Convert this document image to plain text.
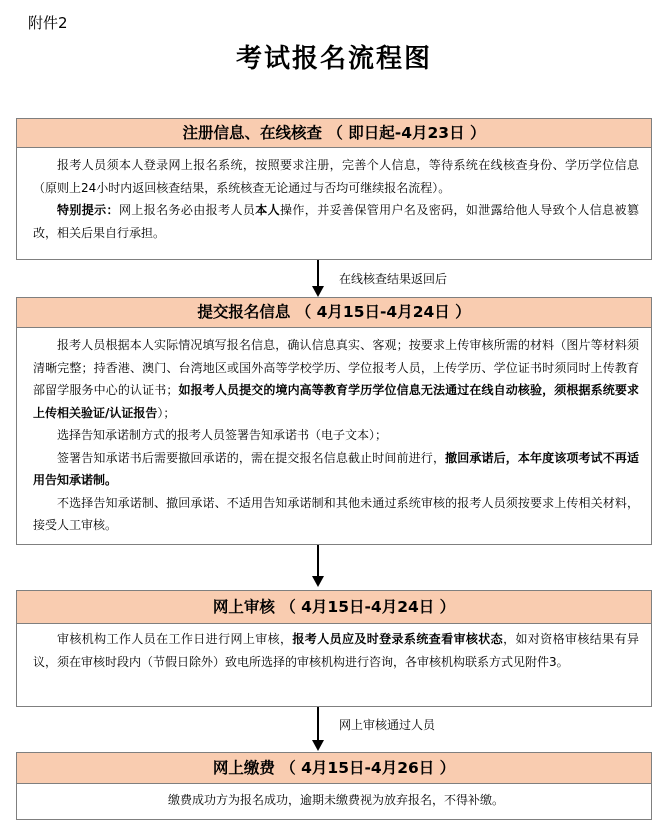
附件2
考试报名流程图
注册信息、在线核查 （ 即日起-4月23日 ）

报考人员须本人登录网上报名系统，按照要求注册，完善个人信息，等待系统在线核查身份、学历学位信息（原则上24小时内返回核查结果，系统核查无论通过与否均可继续报名流程）。

特别提示：网上报名务必由报考人员本人操作，并妥善保管用户名及密码，如泄露给他人导致个人信息被篡改，相关后果自行承担。

在线核查结果返回后
提交报名信息 （ 4月15日-4月24日 ）

报考人员根据本人实际情况填写报名信息，确认信息真实、客观；按要求上传审核所需的材料（图片等材料须清晰完整；持香港、澳门、台湾地区或国外高等学校学历、学位报考人员，上传学历、学位证书时须同时上传教育部留学服务中心的认证书；如报考人员提交的境内高等教育学历学位信息无法通过在线自动核验，须根据系统要求上传相关验证/认证报告）；

选择告知承诺制方式的报考人员签署告知承诺书（电子文本）；

签署告知承诺书后需要撤回承诺的，需在提交报名信息截止时间前进行，撤回承诺后，本年度该项考试不再适用告知承诺制。

不选择告知承诺制、撤回承诺、不适用告知承诺制和其他未通过系统审核的报考人员须按要求上传相关材料，接受人工审核。

网上审核 （ 4月15日-4月24日 ）

审核机构工作人员在工作日进行网上审核，报考人员应及时登录系统查看审核状态，如对资格审核结果有异议，须在审核时段内（节假日除外）致电所选择的审核机构进行咨询，各审核机构联系方式见附件3。

网上审核通过人员
网上缴费 （ 4月15日-4月26日 ）

缴费成功方为报名成功，逾期未缴费视为放弃报名，不得补缴。
